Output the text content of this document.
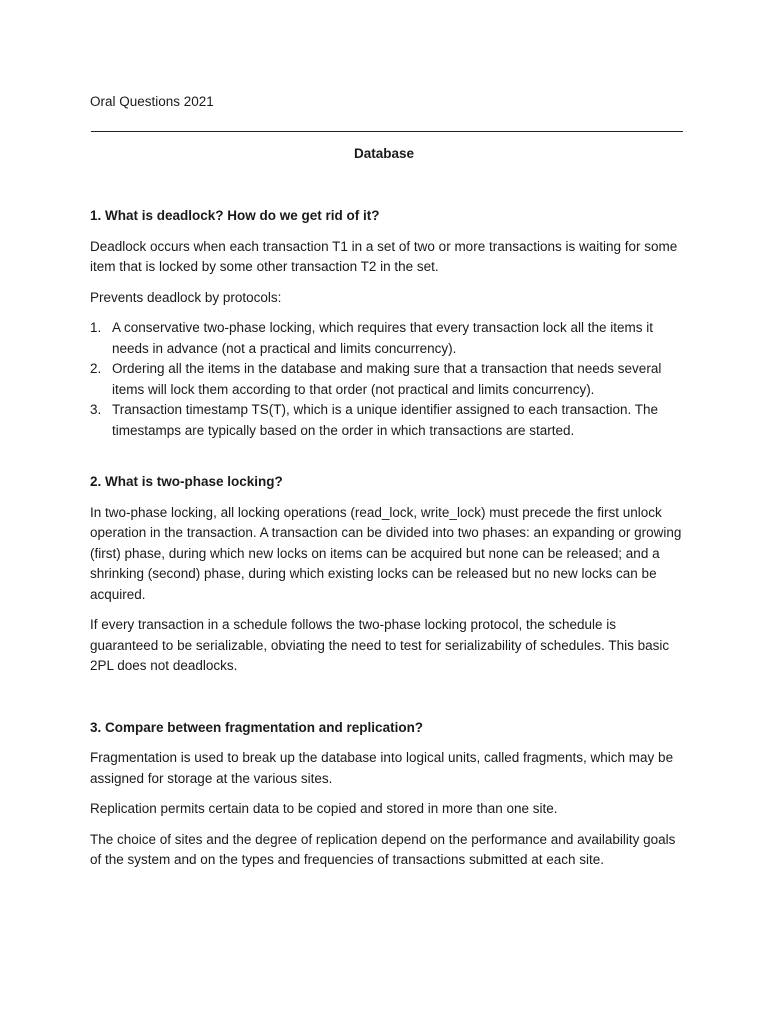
Oral Questions 2021
Database
1. What is deadlock? How do we get rid of it?
Deadlock occurs when each transaction T1 in a set of two or more transactions is waiting for some item that is locked by some other transaction T2 in the set.
Prevents deadlock by protocols:
1. A conservative two-phase locking, which requires that every transaction lock all the items it needs in advance (not a practical and limits concurrency).
2. Ordering all the items in the database and making sure that a transaction that needs several items will lock them according to that order (not practical and limits concurrency).
3. Transaction timestamp TS(T), which is a unique identifier assigned to each transaction. The timestamps are typically based on the order in which transactions are started.
2. What is two-phase locking?
In two-phase locking, all locking operations (read_lock, write_lock) must precede the first unlock operation in the transaction. A transaction can be divided into two phases: an expanding or growing (first) phase, during which new locks on items can be acquired but none can be released; and a shrinking (second) phase, during which existing locks can be released but no new locks can be acquired.
If every transaction in a schedule follows the two-phase locking protocol, the schedule is guaranteed to be serializable, obviating the need to test for serializability of schedules. This basic 2PL does not deadlocks.
3. Compare between fragmentation and replication?
Fragmentation is used to break up the database into logical units, called fragments, which may be assigned for storage at the various sites.
Replication permits certain data to be copied and stored in more than one site.
The choice of sites and the degree of replication depend on the performance and availability goals of the system and on the types and frequencies of transactions submitted at each site.
